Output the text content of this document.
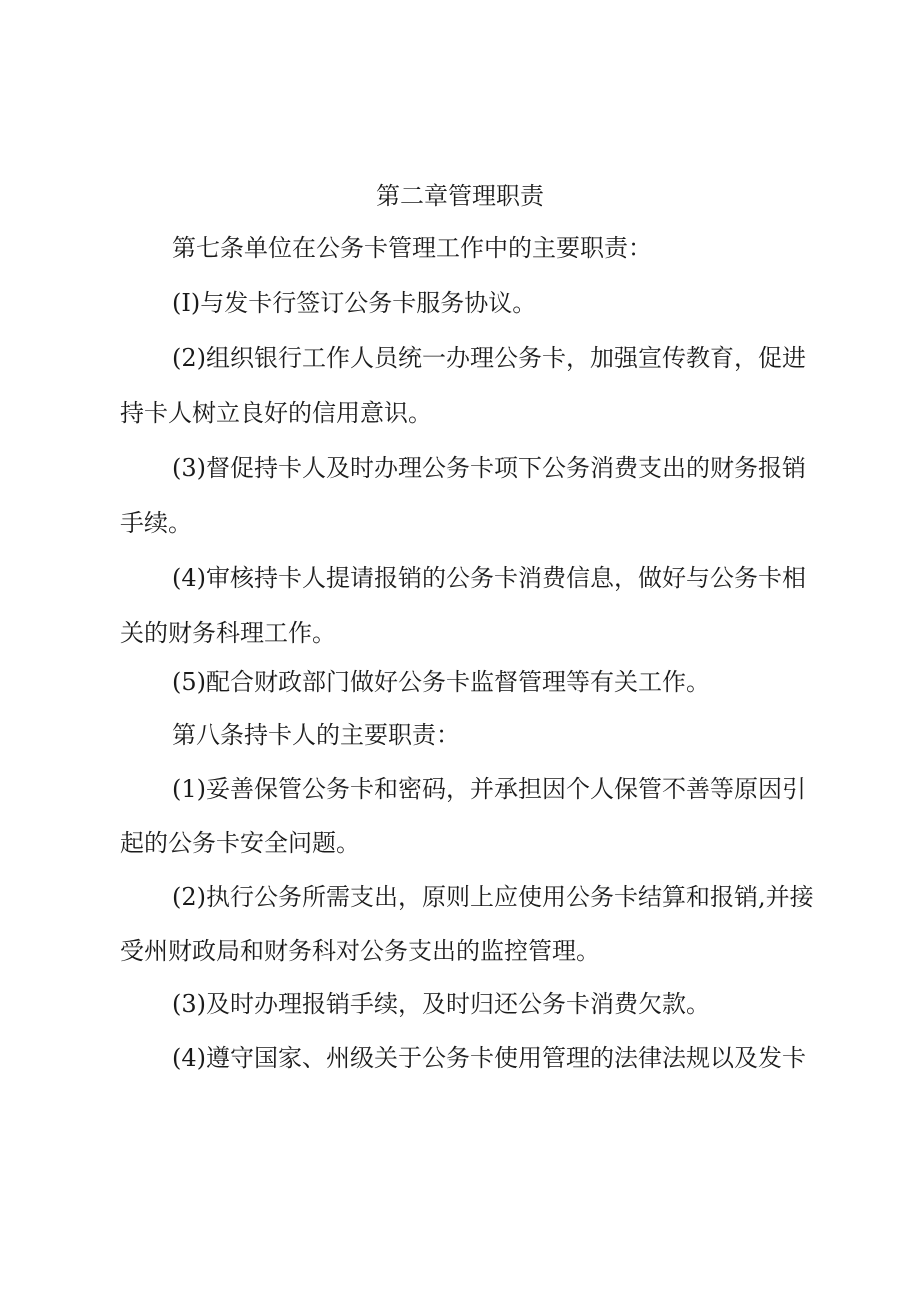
第二章管理职责
第七条单位在公务卡管理工作中的主要职责：
(I)与发卡行签订公务卡服务协议。
(2)组织银行工作人员统一办理公务卡，加强宣传教育，促进
持卡人树立良好的信用意识。
(3)督促持卡人及时办理公务卡项下公务消费支出的财务报销
手续。
(4)审核持卡人提请报销的公务卡消费信息，做好与公务卡相
关的财务科理工作。
(5)配合财政部门做好公务卡监督管理等有关工作。
第八条持卡人的主要职责：
(1)妥善保管公务卡和密码，并承担因个人保管不善等原因引
起的公务卡安全问题。
(2)执行公务所需支出，原则上应使用公务卡结算和报销,并接
受州财政局和财务科对公务支出的监控管理。
(3)及时办理报销手续，及时归还公务卡消费欠款。
(4)遵守国家、州级关于公务卡使用管理的法律法规以及发卡
